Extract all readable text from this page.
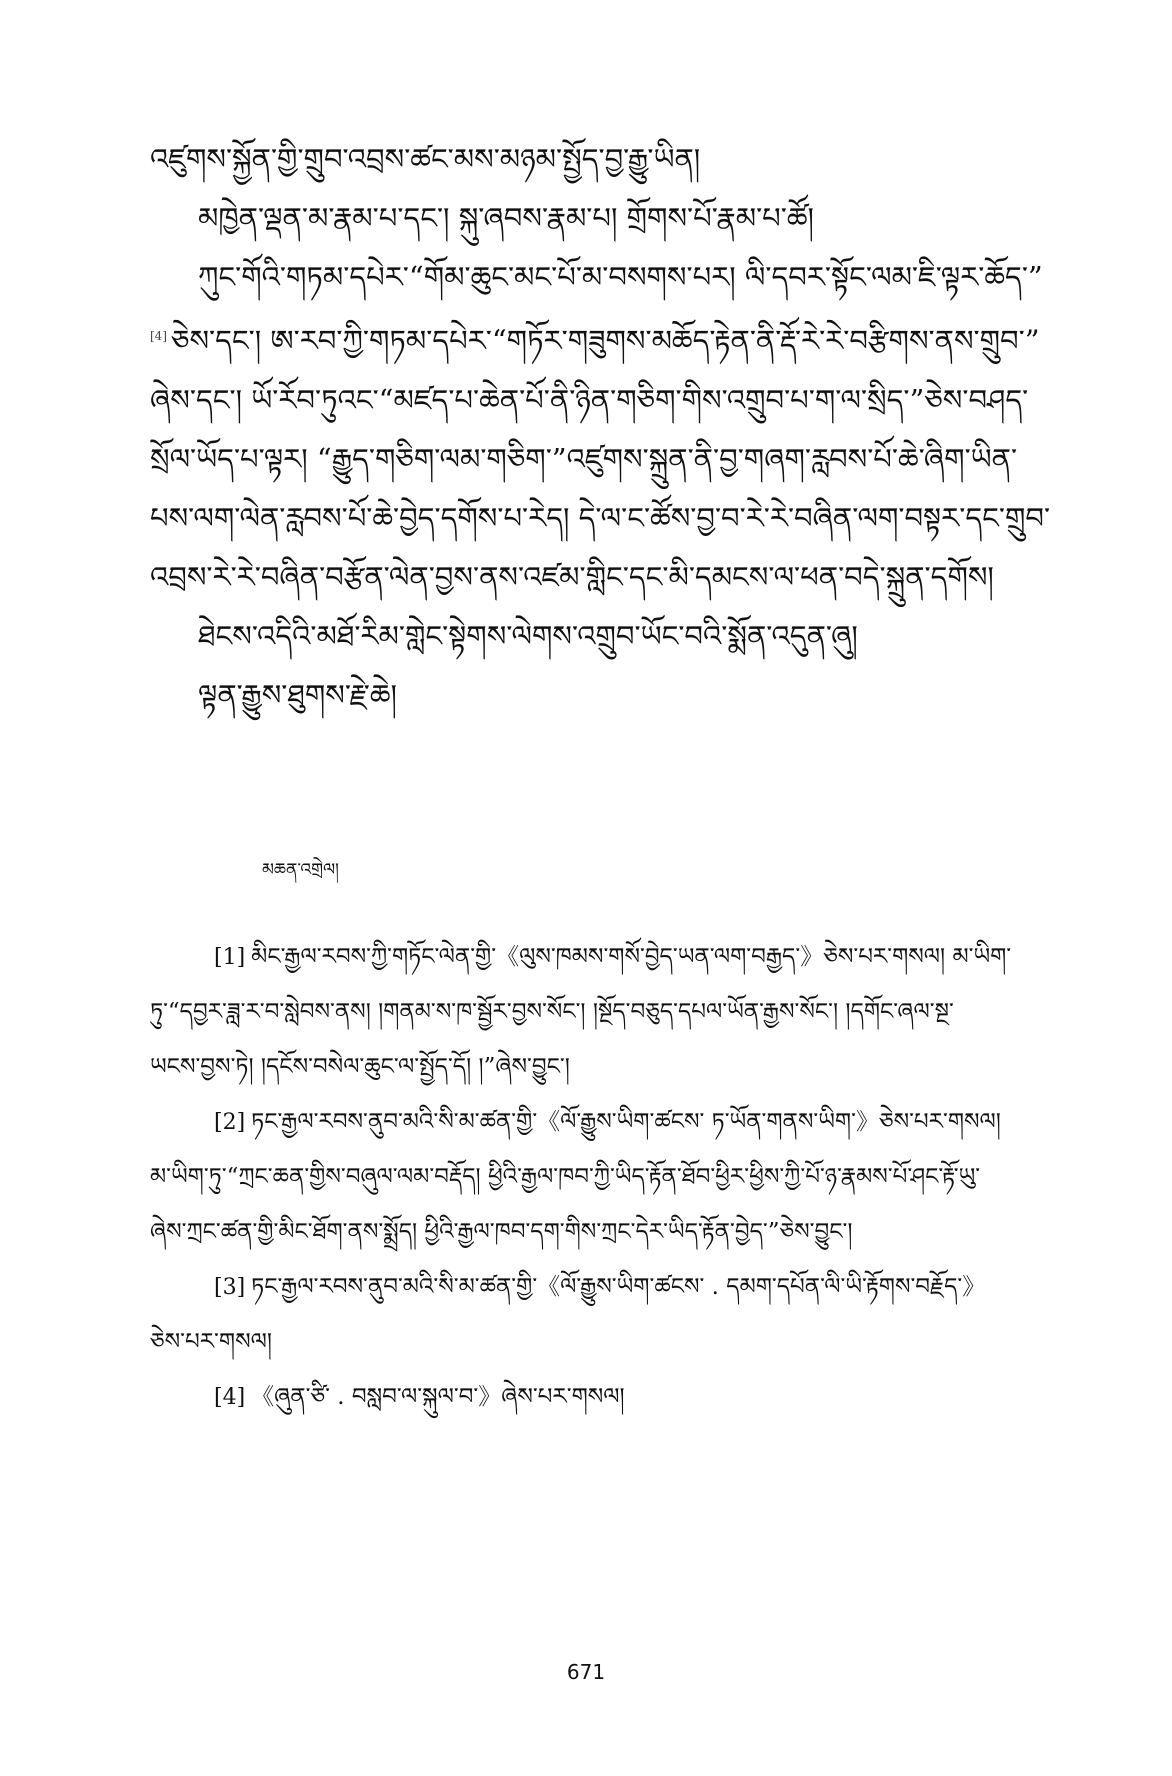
འཛུགས་སྐྱོན་གྱི་གྲུབ་འབྲས་ཚང་མས་མཉམ་སྤྱོད་བྱ་རྒྱུ་ཡིན།
མཁྱེན་ལྡན་མ་རྣམ་པ་དང་། སྐུ་ཞབས་རྣམ་པ། གྲོགས་པོ་རྣམ་པ་ཚོ།
ཀུང་གོའི་གཏམ་དཔེར་“གོམ་ཆུང་མང་པོ་མ་བསགས་པར། ལི་དབར་སྟོང་ལམ་ཇི་ལྟར་ཆོད་”
[4] ཅེས་དང་། ཨ་རབ་ཀྱི་གཏམ་དཔེར་“གཏོར་གཟུགས་མཆོད་རྟེན་ནི་རྡོ་རེ་རེ་བརྩིགས་ནས་གྲུབ་”
ཞེས་དང་། ཡོ་རོབ་ཏུའང་“མཛད་པ་ཆེན་པོ་ནི་ཉིན་གཅིག་གིས་འགྲུབ་པ་ག་ལ་སྲིད་”ཅེས་བཤད་
སྲོལ་ཡོད་པ་ལྟར། “རྒྱུད་གཅིག་ལམ་གཅིག་”འཛུགས་སྐྲུན་ནི་བྱ་གཞག་རླབས་པོ་ཆེ་ཞིག་ཡིན་
པས་ལག་ལེན་རླབས་པོ་ཆེ་བྱེད་དགོས་པ་རེད། དེ་ལ་ང་ཚོས་བྱ་བ་རེ་རེ་བཞིན་ལག་བསྟར་དང་གྲུབ་
འབྲས་རེ་རེ་བཞིན་བརྩོན་ལེན་བྱས་ནས་འཛམ་གླིང་དང་མི་དམངས་ལ་ཕན་བདེ་སྐྲུན་དགོས།
ཐེངས་འདིའི་མཐོ་རིམ་གླེང་སྟེགས་ལེགས་འགྲུབ་ཡོང་བའི་སྨོན་འདུན་ཞུ།
ལྟན་རྒྱུས་ཐུགས་རྗེ་ཆེ།
མཆན་འགྲེལ།
[1] མིང་རྒྱལ་རབས་ཀྱི་གཏོང་ལེན་གྱི་《ལུས་ཁམས་གསོ་བྱེད་ཡན་ལག་བརྒྱད་》ཅེས་པར་གསལ། མ་ཡིག་
ཏུ་“དབྱར་ཟླ་ར་བ་སླེབས་ནས། །གནམ་ས་ཁ་སྦྱོར་བྱས་སོང་། །སྔོད་བཅུད་དཔལ་ཡོན་རྒྱས་སོང་། །དགོང་ཞལ་སྔ་
ཡངས་བྱས་ཏེ། །དངོས་བསེལ་ཆུང་ལ་སྤྱོད་དོ། །”ཞེས་བྱུང་།
[2] ཏང་རྒྱལ་རབས་ནུབ་མའི་སི་མ་ཚན་གྱི་《ལོ་རྒྱུས་ཡིག་ཚངས་ ཏ་ཡོན་གནས་ཡིག་》ཅེས་པར་གསལ།
མ་ཡིག་ཏུ་“ཀྲང་ཆན་གྱིས་བཞུལ་ལམ་བརྡོད། ཕྱིའི་རྒྱལ་ཁབ་ཀྱི་ཡིད་རྟོན་ཐོབ་ཕྱིར་ཕྱིས་ཀྱི་པོ་ཉ་རྣམས་པོ་ཤང་རྟོ་ཡུ་
ཞེས་ཀྲང་ཚན་གྱི་མིང་ཐོག་ནས་སྨྲོད། ཕྱིའི་རྒྱལ་ཁབ་དག་གིས་ཀྲང་དེར་ཡིད་རྟོན་བྱེད་”ཅེས་བྱུང་།
[3] ཏང་རྒྱལ་རབས་ནུབ་མའི་སི་མ་ཚན་གྱི་《ལོ་རྒྱུས་ཡིག་ཚངས་ . དམག་དཔོན་ལི་ཡི་རྟོགས་བརྗོད་》
ཅེས་པར་གསལ།
[4] 《ཞུན་ཙི་ . བསླབ་ལ་སྐུལ་བ་》ཞེས་པར་གསལ།
671
